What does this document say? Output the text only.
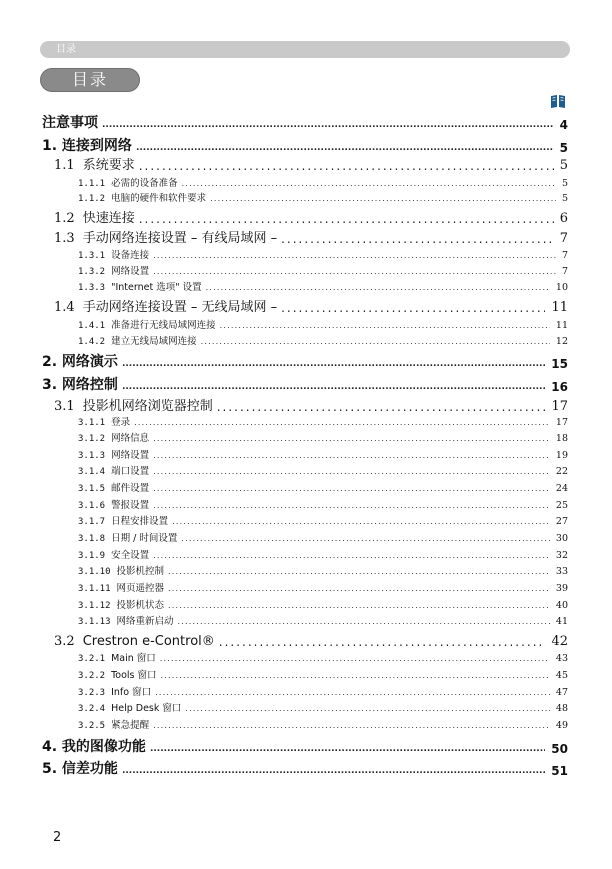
目录
目录
注意事项 .....	4
1. 连接到网络 .....	5
1.1 系统要求 .....	5
1.1.1 必需的设备准备 .....	5
1.1.2 电脑的硬件和软件要求 .....	5
1.2 快速连接 .....	6
1.3 手动网络连接设置 – 有线局域网 – .....	7
1.3.1 设备连接 .....	7
1.3.2 网络设置 .....	7
1.3.3 "Internet 选项" 设置 .....	10
1.4 手动网络连接设置 – 无线局域网 – .....	11
1.4.1 准备进行无线局域网连接 .....	11
1.4.2 建立无线局域网连接 .....	12
2. 网络演示 .....	15
3. 网络控制 .....	16
3.1 投影机网络浏览器控制 .....	17
3.1.1 登录 .....	17
3.1.2 网络信息 .....	18
3.1.3 网络设置 .....	19
3.1.4 端口设置 .....	22
3.1.5 邮件设置 .....	24
3.1.6 警报设置 .....	25
3.1.7 日程安排设置 .....	27
3.1.8 日期 / 时间设置 .....	30
3.1.9 安全设置 .....	32
3.1.10 投影机控制 .....	33
3.1.11 网页遥控器 .....	39
3.1.12 投影机状态 .....	40
3.1.13 网络重新启动 .....	41
3.2 Crestron e-Control® .....	42
3.2.1 Main 窗口 .....	43
3.2.2 Tools 窗口 .....	45
3.2.3 Info 窗口 .....	47
3.2.4 Help Desk 窗口 .....	48
3.2.5 紧急提醒 .....	49
4. 我的图像功能 .....	50
5. 信差功能 .....	51
2
